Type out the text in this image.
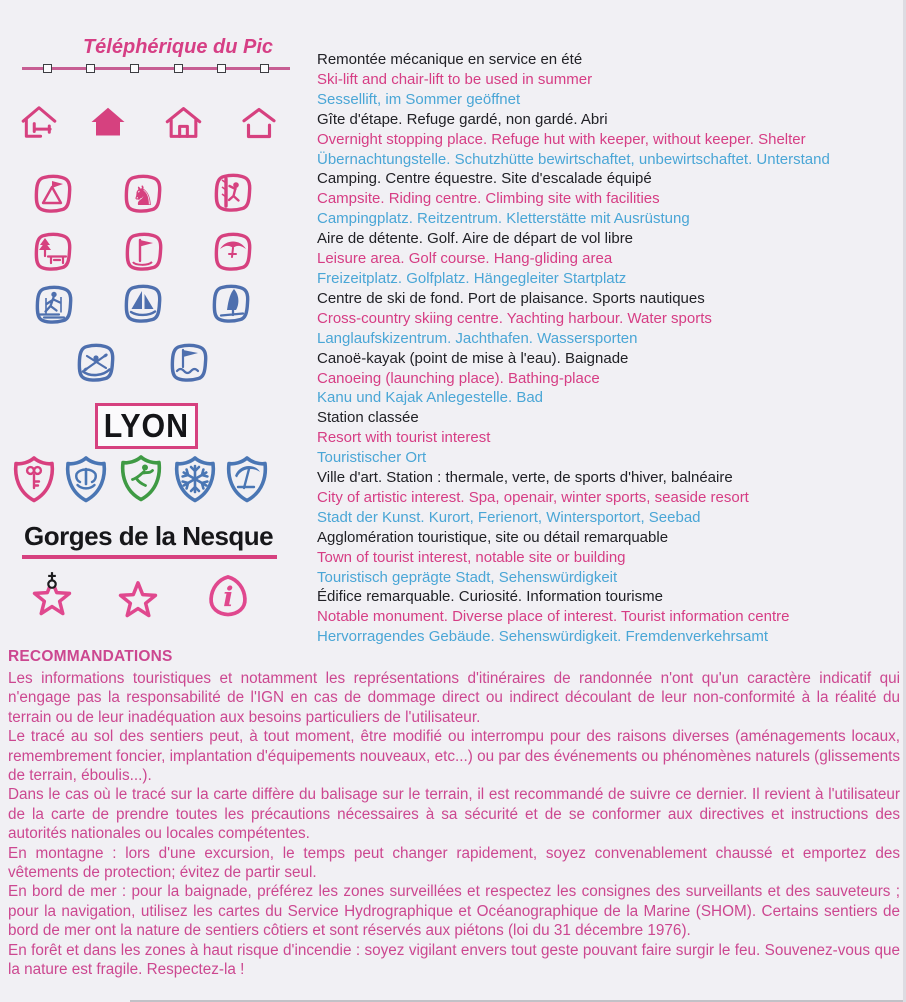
Téléphérique du Pic
♞
LYON
Gorges de la Nesque
i
Remontée mécanique en service en été
Ski-lift and chair-lift to be used in summer
Sessellift, im Sommer geöffnet
Gîte d'étape. Refuge gardé, non gardé. Abri
Overnight stopping place. Refuge hut with keeper, without keeper. Shelter
Übernachtungstelle. Schutzhütte bewirtschaftet, unbewirtschaftet. Unterstand
Camping. Centre équestre. Site d'escalade équipé
Campsite. Riding centre. Climbing site with facilities
Campingplatz. Reitzentrum. Kletterstätte mit Ausrüstung
Aire de détente. Golf. Aire de départ de vol libre
Leisure area. Golf course. Hang-gliding area
Freizeitplatz. Golfplatz. Hängegleiter Startplatz
Centre de ski de fond. Port de plaisance. Sports nautiques
Cross-country skiing centre. Yachting harbour. Water sports
Langlaufskizentrum. Jachthafen. Wassersporten
Canoë-kayak (point de mise à l'eau). Baignade
Canoeing (launching place). Bathing-place
Kanu und Kajak Anlegestelle. Bad
Station classée
Resort with tourist interest
Touristischer Ort
Ville d'art. Station : thermale, verte, de sports d'hiver, balnéaire
City of artistic interest. Spa, openair, winter sports, seaside resort
Stadt der Kunst. Kurort, Ferienort, Wintersportort, Seebad
Agglomération touristique, site ou détail remarquable
Town of tourist interest, notable site or building
Touristisch geprägte Stadt, Sehenswürdigkeit
Édifice remarquable. Curiosité. Information tourisme
Notable monument. Diverse place of interest. Tourist information centre
Hervorragendes Gebäude. Sehenswürdigkeit. Fremdenverkehrsamt
RECOMMANDATIONS

Les informations touristiques et notamment les représentations d'itinéraires de randonnée n'ont qu'un caractère indicatif qui n'engage pas la responsabilité de l'IGN en cas de dommage direct ou indirect découlant de leur non-conformité à la réalité du terrain ou de leur inadéquation aux besoins particuliers de l'utilisateur.

Le tracé au sol des sentiers peut, à tout moment, être modifié ou interrompu pour des raisons diverses (aménagements locaux, remembrement foncier, implantation d'équipements nouveaux, etc...) ou par des événements ou phénomènes naturels (glissements de terrain, éboulis...).

Dans le cas où le tracé sur la carte diffère du balisage sur le terrain, il est recommandé de suivre ce dernier. Il revient à l'utilisateur de la carte de prendre toutes les précautions nécessaires à sa sécurité et de se conformer aux directives et instructions des autorités nationales ou locales compétentes.

En montagne : lors d'une excursion, le temps peut changer rapidement, soyez convenablement chaussé et emportez des vêtements de protection; évitez de partir seul.

En bord de mer : pour la baignade, préférez les zones surveillées et respectez les consignes des surveillants et des sauveteurs ; pour la navigation, utilisez les cartes du Service Hydrographique et Océanographique de la Marine (SHOM). Certains sentiers de bord de mer ont la nature de sentiers côtiers et sont réservés aux piétons (loi du 31 décembre 1976).

En forêt et dans les zones à haut risque d'incendie : soyez vigilant envers tout geste pouvant faire surgir le feu. Souvenez-vous que la nature est fragile. Respectez-la !
